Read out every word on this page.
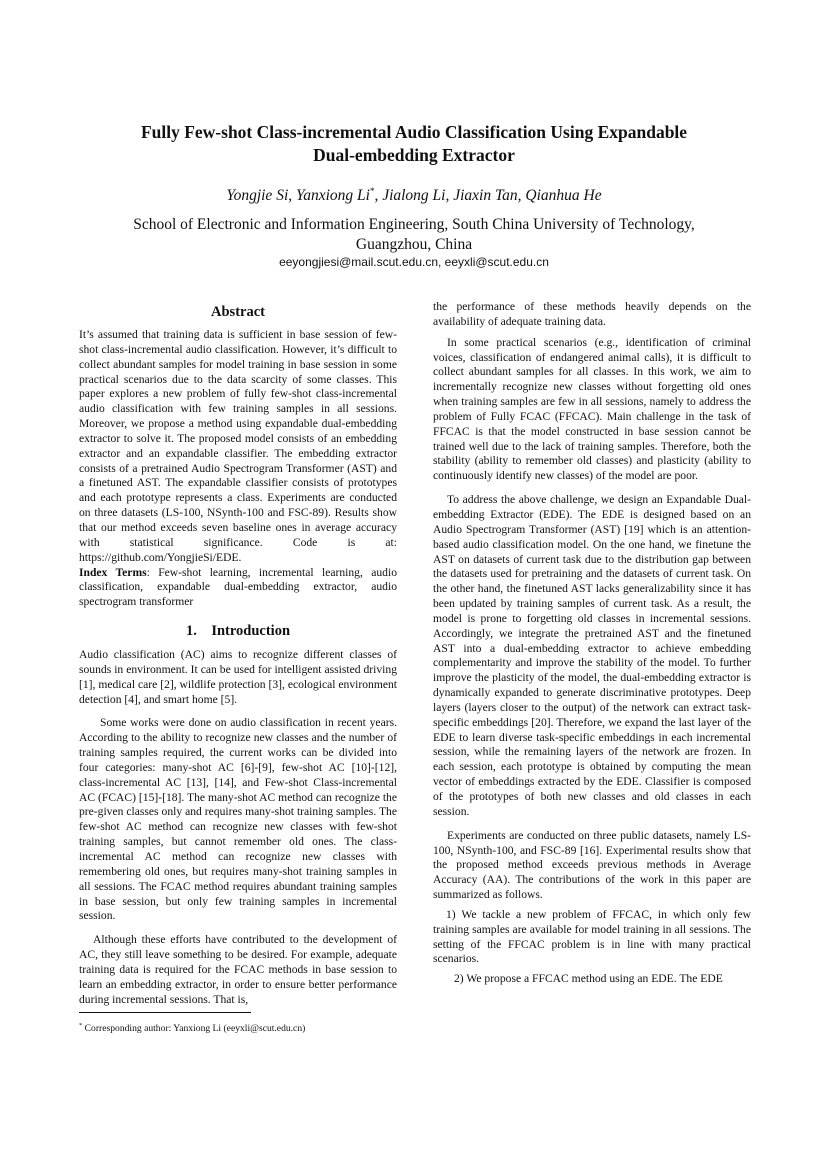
Fully Few-shot Class-incremental Audio Classification Using Expandable
Dual-embedding Extractor
Yongjie Si, Yanxiong Li*, Jialong Li, Jiaxin Tan, Qianhua He
School of Electronic and Information Engineering, South China University of Technology,
Guangzhou, China
eeyongjiesi@mail.scut.edu.cn, eeyxli@scut.edu.cn
Abstract

It’s assumed that training data is sufficient in base session of few-shot class-incremental audio classification. However, it’s difficult to collect abundant samples for model training in base session in some practical scenarios due to the data scarcity of some classes. This paper explores a new problem of fully few-shot class-incremental audio classification with few training samples in all sessions. Moreover, we propose a method using expandable dual-embedding extractor to solve it. The proposed model consists of an embedding extractor and an expandable classifier. The embedding extractor consists of a pretrained Audio Spectrogram Transformer (AST) and a finetuned AST. The expandable classifier consists of prototypes and each prototype represents a class. Experiments are conducted on three datasets (LS-100, NSynth-100 and FSC-89). Results show that our method exceeds seven baseline ones in average accuracy with statistical significance. Code is at: https://github.com/YongjieSi/EDE.

Index Terms: Few-shot learning, incremental learning, audio classification, expandable dual-embedding extractor, audio spectrogram transformer

1. Introduction

Audio classification (AC) aims to recognize different classes of sounds in environment. It can be used for intelligent assisted driving [1], medical care [2], wildlife protection [3], ecological environment detection [4], and smart home [5].

Some works were done on audio classification in recent years. According to the ability to recognize new classes and the number of training samples required, the current works can be divided into four categories: many-shot AC [6]-[9], few-shot AC [10]-[12], class-incremental AC [13], [14], and Few-shot Class-incremental AC (FCAC) [15]-[18]. The many-shot AC method can recognize the pre-given classes only and requires many-shot training samples. The few-shot AC method can recognize new classes with few-shot training samples, but cannot remember old ones. The class-incremental AC method can recognize new classes with remembering old ones, but requires many-shot training samples in all sessions. The FCAC method requires abundant training samples in base session, but only few training samples in incremental session.

Although these efforts have contributed to the development of AC, they still leave something to be desired. For example, adequate training data is required for the FCAC methods in base session to learn an embedding extractor, in order to ensure better performance during incremental sessions. That is,

the performance of these methods heavily depends on the availability of adequate training data.

In some practical scenarios (e.g., identification of criminal voices, classification of endangered animal calls), it is difficult to collect abundant samples for all classes. In this work, we aim to incrementally recognize new classes without forgetting old ones when training samples are few in all sessions, namely to address the problem of Fully FCAC (FFCAC). Main challenge in the task of FFCAC is that the model constructed in base session cannot be trained well due to the lack of training samples. Therefore, both the stability (ability to remember old classes) and plasticity (ability to continuously identify new classes) of the model are poor.

To address the above challenge, we design an Expandable Dual-embedding Extractor (EDE). The EDE is designed based on an Audio Spectrogram Transformer (AST) [19] which is an attention-based audio classification model. On the one hand, we finetune the AST on datasets of current task due to the distribution gap between the datasets used for pretraining and the datasets of current task. On the other hand, the finetuned AST lacks generalizability since it has been updated by training samples of current task. As a result, the model is prone to forgetting old classes in incremental sessions. Accordingly, we integrate the pretrained AST and the finetuned AST into a dual-embedding extractor to achieve embedding complementarity and improve the stability of the model. To further improve the plasticity of the model, the dual-embedding extractor is dynamically expanded to generate discriminative prototypes. Deep layers (layers closer to the output) of the network can extract task-specific embeddings [20]. Therefore, we expand the last layer of the EDE to learn diverse task-specific embeddings in each incremental session, while the remaining layers of the network are frozen. In each session, each prototype is obtained by computing the mean vector of embeddings extracted by the EDE. Classifier is composed of the prototypes of both new classes and old classes in each session.

Experiments are conducted on three public datasets, namely LS-100, NSynth-100, and FSC-89 [16]. Experimental results show that the proposed method exceeds previous methods in Average Accuracy (AA). The contributions of the work in this paper are summarized as follows.

1) We tackle a new problem of FFCAC, in which only few training samples are available for model training in all sessions. The setting of the FFCAC problem is in line with many practical scenarios.

2) We propose a FFCAC method using an EDE. The EDE

* Corresponding author: Yanxiong Li (eeyxli@scut.edu.cn)
